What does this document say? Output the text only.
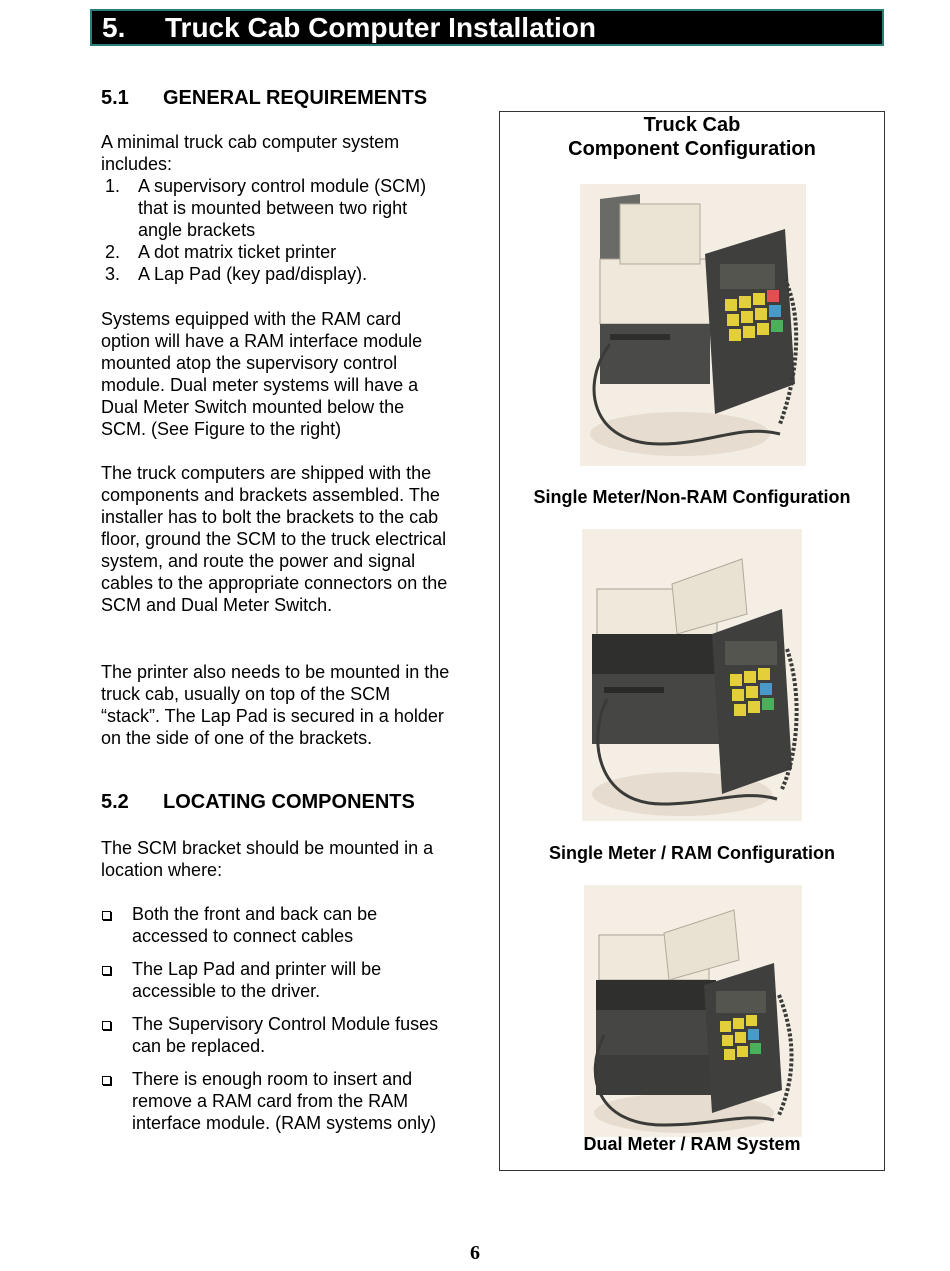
5. Truck Cab Computer Installation
5.1 GENERAL REQUIREMENTS

A minimal truck cab computer system includes:

1. A supervisory control module (SCM) that is mounted between two right angle brackets
2. A dot matrix ticket printer
3. A Lap Pad (key pad/display).
Systems equipped with the RAM card option will have a RAM interface module mounted atop the supervisory control module. Dual meter systems will have a Dual Meter Switch mounted below the SCM. (See Figure to the right)
The truck computers are shipped with the components and brackets assembled. The installer has to bolt the brackets to the cab floor, ground the SCM to the truck electrical system, and route the power and signal cables to the appropriate connectors on the SCM and Dual Meter Switch.
The printer also needs to be mounted in the truck cab, usually on top of the SCM “stack”. The Lap Pad is secured in a holder on the side of one of the brackets.
5.2 LOCATING COMPONENTS
The SCM bracket should be mounted in a location where:
Both the front and back can be accessed to connect cables
The Lap Pad and printer will be accessible to the driver.
The Supervisory Control Module fuses can be replaced.
There is enough room to insert and remove a RAM card from the RAM interface module. (RAM systems only)
Truck Cab
Component Configuration
Single Meter/Non-RAM Configuration
Single Meter / RAM Configuration
Dual Meter / RAM System
6
